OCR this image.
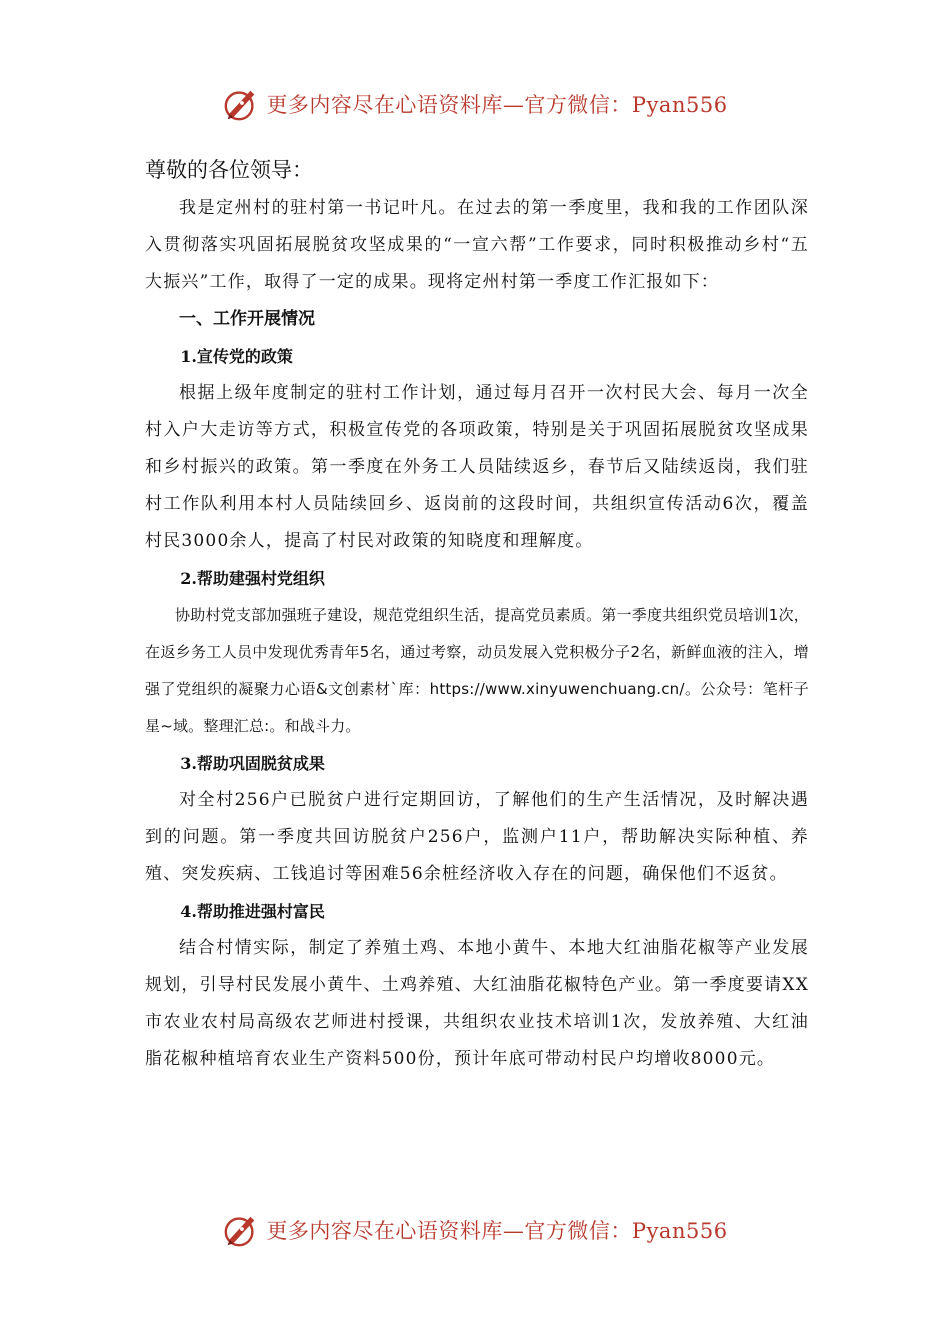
更多内容尽在心语资料库—官方微信：Pyan556
尊敬的各位领导：

我是定州村的驻村第一书记叶凡。在过去的第一季度里，我和我的工作团队深入贯彻落实巩固拓展脱贫攻坚成果的“一宣六帮”工作要求，同时积极推动乡村“五大振兴”工作，取得了一定的成果。现将定州村第一季度工作汇报如下：

一、工作开展情况
1.宣传党的政策

根据上级年度制定的驻村工作计划，通过每月召开一次村民大会、每月一次全村入户大走访等方式，积极宣传党的各项政策，特别是关于巩固拓展脱贫攻坚成果和乡村振兴的政策。第一季度在外务工人员陆续返乡，春节后又陆续返岗，我们驻村工作队利用本村人员陆续回乡、返岗前的这段时间，共组织宣传活动6次，覆盖村民3000余人，提高了村民对政策的知晓度和理解度。

2.帮助建强村党组织

协助村党支部加强班子建设，规范党组织生活，提高党员素质。第一季度共组织党员培训1次，在返乡务工人员中发现优秀青年5名，通过考察，动员发展入党积极分子2名，新鲜血液的注入，增强了党组织的凝聚力心语&文创素材`库：https://www.xinyuwenchuang.cn/。公众号：笔杆子星~域。整理汇总:。和战斗力。

3.帮助巩固脱贫成果

对全村256户已脱贫户进行定期回访，了解他们的生产生活情况，及时解决遇到的问题。第一季度共回访脱贫户256户，监测户11户，帮助解决实际种植、养殖、突发疾病、工钱追讨等困难56余桩经济收入存在的问题，确保他们不返贫。

4.帮助推进强村富民

结合村情实际，制定了养殖土鸡、本地小黄牛、本地大红油脂花椒等产业发展规划，引导村民发展小黄牛、土鸡养殖、大红油脂花椒特色产业。第一季度要请XX市农业农村局高级农艺师进村授课，共组织农业技术培训1次，发放养殖、大红油脂花椒种植培育农业生产资料500份，预计年底可带动村民户均增收8000元。

更多内容尽在心语资料库—官方微信：Pyan556
